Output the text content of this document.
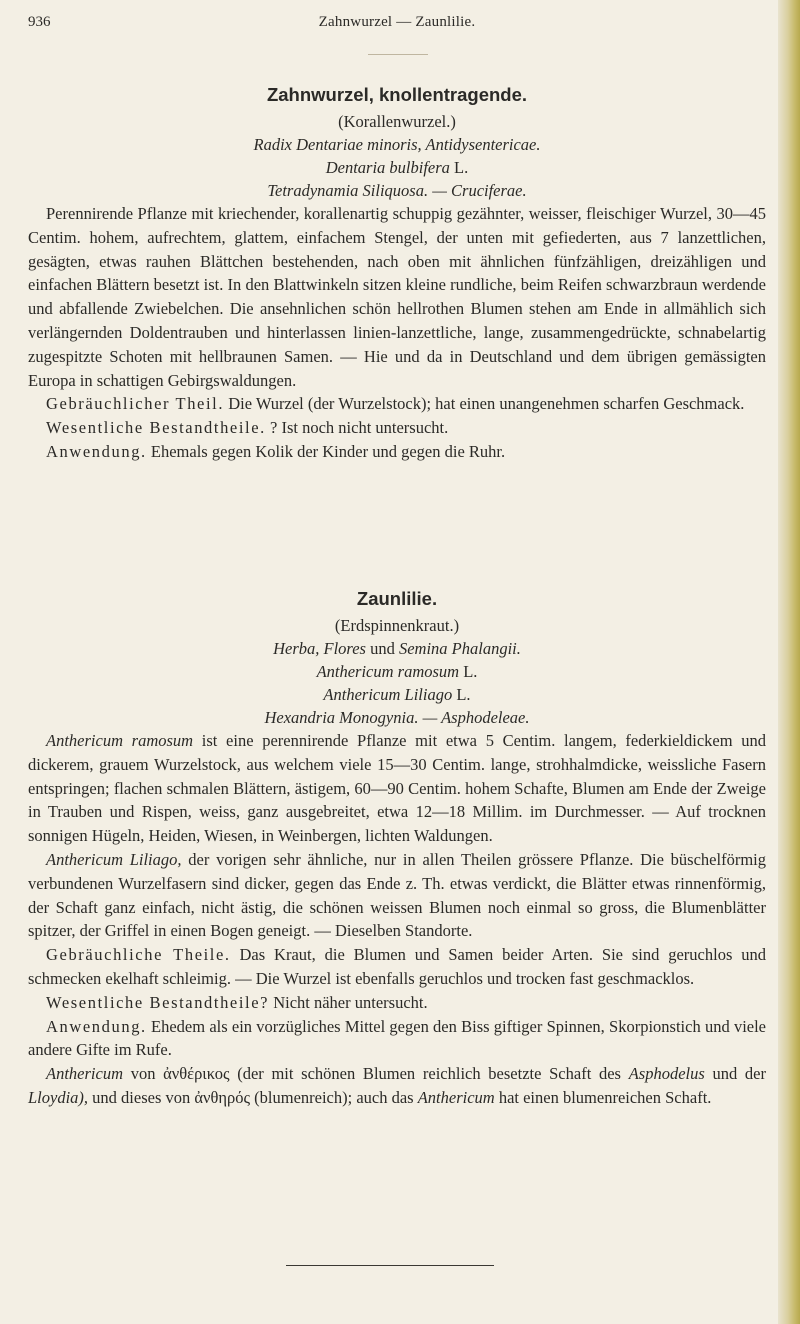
936	Zahnwurzel — Zaunlilie.
Zahnwurzel, knollentragende.

(Korallenwurzel.)

Radix Dentariae minoris, Antidysentericae.

Dentaria bulbifera L.

Tetradynamia Siliquosa. — Cruciferae.

Perennirende Pflanze mit kriechender, korallenartig schuppig gezähnter, weisser, fleischiger Wurzel, 30—45 Centim. hohem, aufrechtem, glattem, einfachem Stengel, der unten mit gefiederten, aus 7 lanzettlichen, gesägten, etwas rauhen Blättchen bestehenden, nach oben mit ähnlichen fünfzähligen, dreizähligen und einfachen Blättern besetzt ist. In den Blattwinkeln sitzen kleine rundliche, beim Reifen schwarzbraun werdende und abfallende Zwiebelchen. Die ansehnlichen schön hellrothen Blumen stehen am Ende in allmählich sich verlängernden Doldentrauben und hinterlassen linien-lanzettliche, lange, zusammengedrückte, schnabelartig zugespitzte Schoten mit hellbraunen Samen. — Hie und da in Deutschland und dem übrigen gemässigten Europa in schattigen Gebirgswaldungen.

Gebräuchlicher Theil. Die Wurzel (der Wurzelstock); hat einen unangenehmen scharfen Geschmack.

Wesentliche Bestandtheile. ? Ist noch nicht untersucht.

Anwendung. Ehemals gegen Kolik der Kinder und gegen die Ruhr.

Zaunlilie.

(Erdspinnenkraut.)

Herba, Flores und Semina Phalangii.

Anthericum ramosum L.

Anthericum Liliago L.

Hexandria Monogynia. — Asphodeleae.

Anthericum ramosum ist eine perennirende Pflanze mit etwa 5 Centim. langem, federkieldickem und dickerem, grauem Wurzelstock, aus welchem viele 15—30 Centim. lange, strohhalmdicke, weissliche Fasern entspringen; flachen schmalen Blättern, ästigem, 60—90 Centim. hohem Schafte, Blumen am Ende der Zweige in Trauben und Rispen, weiss, ganz ausgebreitet, etwa 12—18 Millim. im Durchmesser. — Auf trocknen sonnigen Hügeln, Heiden, Wiesen, in Weinbergen, lichten Waldungen.

Anthericum Liliago, der vorigen sehr ähnliche, nur in allen Theilen grössere Pflanze. Die büschelförmig verbundenen Wurzelfasern sind dicker, gegen das Ende z. Th. etwas verdickt, die Blätter etwas rinnenförmig, der Schaft ganz einfach, nicht ästig, die schönen weissen Blumen noch einmal so gross, die Blumenblätter spitzer, der Griffel in einen Bogen geneigt. — Dieselben Standorte.

Gebräuchliche Theile. Das Kraut, die Blumen und Samen beider Arten. Sie sind geruchlos und schmecken ekelhaft schleimig. — Die Wurzel ist ebenfalls geruchlos und trocken fast geschmacklos.

Wesentliche Bestandtheile? Nicht näher untersucht.

Anwendung. Ehedem als ein vorzügliches Mittel gegen den Biss giftiger Spinnen, Skorpionstich und viele andere Gifte im Rufe.

Anthericum von ἀνθέρικος (der mit schönen Blumen reichlich besetzte Schaft des Asphodelus und der Lloydia), und dieses von ἀνθηρός (blumenreich); auch das Anthericum hat einen blumenreichen Schaft.
